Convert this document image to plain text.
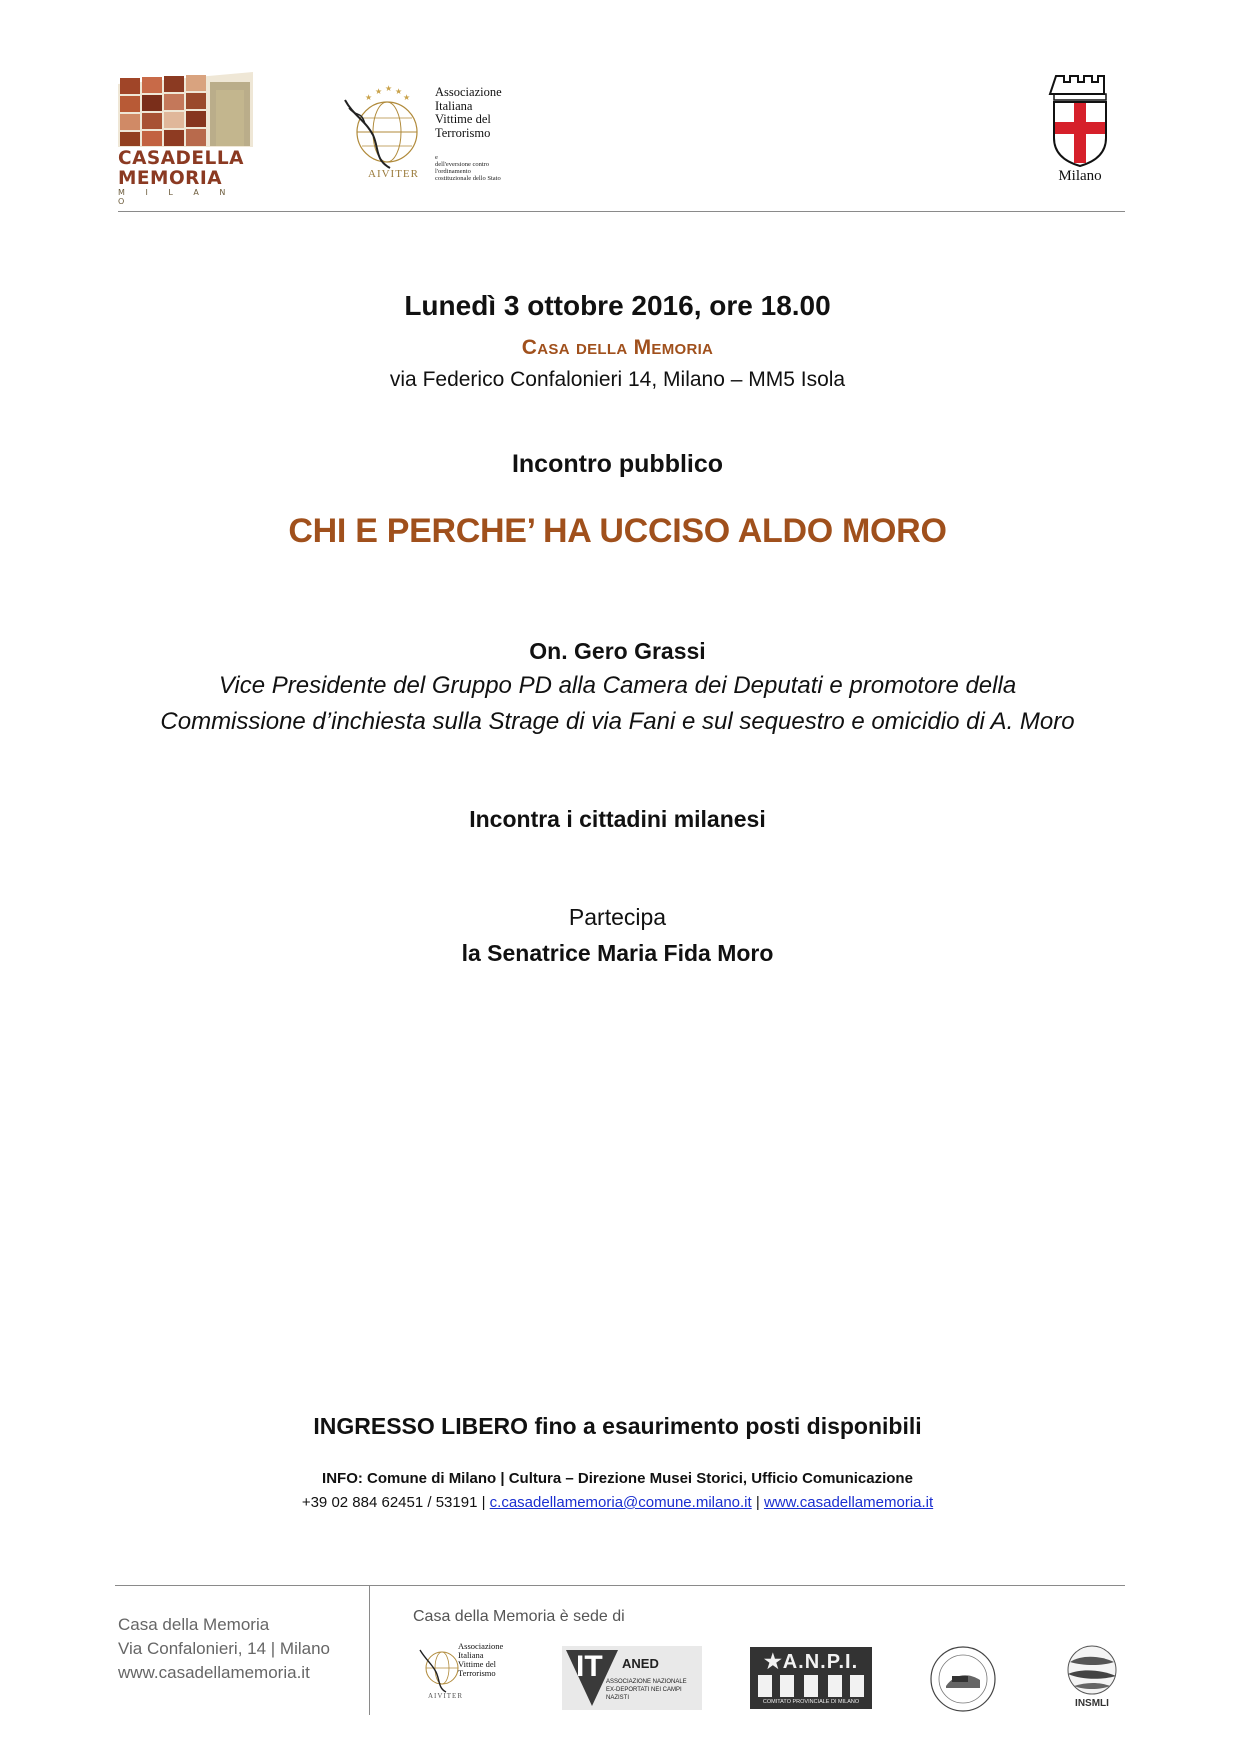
CASADELLA
MEMORIA
M I L A N O
★ ★ ★
★
★	Associazione
Italiana
Vittime del
Terrorismo
e
dell'eversione contro
l'ordinamento
costituzionale dello Stato
AIVITER	Milano
Lunedì 3 ottobre 2016, ore 18.00
Casa della Memoria
via Federico Confalonieri 14, Milano – MM5 Isola
Incontro pubblico
CHI E PERCHE’ HA UCCISO ALDO MORO
On. Gero Grassi
Vice Presidente del Gruppo PD alla Camera dei Deputati e promotore della
Commissione d’inchiesta sulla Strage di via Fani e sul sequestro e omicidio di A. Moro
Incontra i cittadini milanesi
Partecipa
la Senatrice Maria Fida Moro
INGRESSO LIBERO fino a esaurimento posti disponibili
INFO: Comune di Milano | Cultura – Direzione Musei Storici, Ufficio Comunicazione
+39 02 884 62451 / 53191 | c.casadellamemoria@comune.milano.it | www.casadellamemoria.it
Casa della Memoria
Via Confalonieri, 14 | Milano
www.casadellamemoria.it
Casa della Memoria è sede di
Associazione
Italiana
Vittime del
Terrorismo
AIVITER
IT ANED
ASSOCIAZIONE NAZIONALE
EX-DEPORTATI NEI CAMPI NAZISTI
★A.N.P.I.
COMITATO PROVINCIALE DI MILANO	INSMLI
